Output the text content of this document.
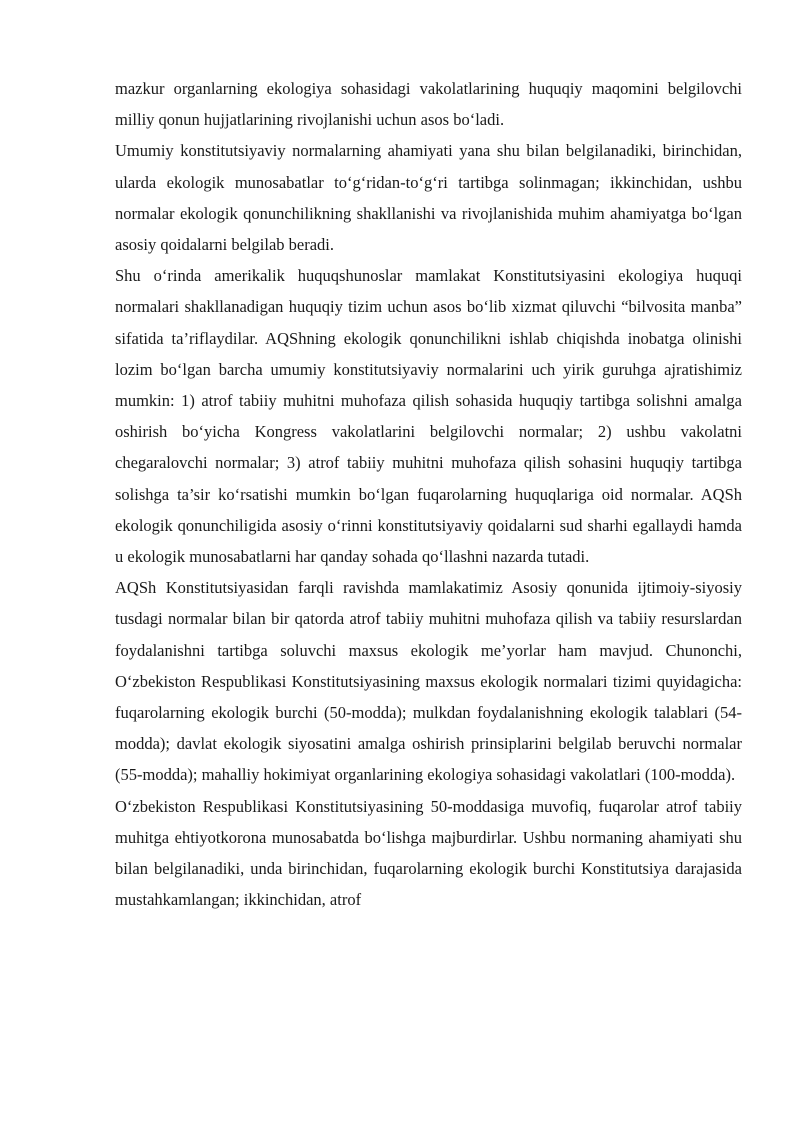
mazkur organlarning ekologiya sohasidagi vakolatlarining huquqiy maqomini belgilovchi milliy qonun hujjatlarining rivojlanishi uchun asos bo‘ladi.

Umumiy konstitutsiyaviy normalarning ahamiyati yana shu bilan belgilanadiki, birinchidan, ularda ekologik munosabatlar to‘g‘ridan-to‘g‘ri tartibga solinmagan; ikkinchidan, ushbu normalar ekologik qonunchilikning shakllanishi va rivojlanishida muhim ahamiyatga bo‘lgan asosiy qoidalarni belgilab beradi.

Shu o‘rinda amerikalik huquqshunoslar mamlakat Konstitutsiyasini ekologiya huquqi normalari shakllanadigan huquqiy tizim uchun asos bo‘lib xizmat qiluvchi “bilvosita manba” sifatida ta’riflaydilar. AQShning ekologik qonunchilikni ishlab chiqishda inobatga olinishi lozim bo‘lgan barcha umumiy konstitutsiyaviy normalarini uch yirik guruhga ajratishimiz mumkin: 1) atrof tabiiy muhitni muhofaza qilish sohasida huquqiy tartibga solishni amalga oshirish bo‘yicha Kongress vakolatlarini belgilovchi normalar; 2) ushbu vakolatni chegaralovchi normalar; 3) atrof tabiiy muhitni muhofaza qilish sohasini huquqiy tartibga solishga ta’sir ko‘rsatishi mumkin bo‘lgan fuqarolarning huquqlariga oid normalar. AQSh ekologik qonunchiligida asosiy o‘rinni konstitutsiyaviy qoidalarni sud sharhi egallaydi hamda u ekologik munosabatlarni har qanday sohada qo‘llashni nazarda tutadi.

AQSh Konstitutsiyasidan farqli ravishda mamlakatimiz Asosiy qonunida ijtimoiy-siyosiy tusdagi normalar bilan bir qatorda atrof tabiiy muhitni muhofaza qilish va tabiiy resurslardan foydalanishni tartibga soluvchi maxsus ekologik me’yorlar ham mavjud. Chunonchi, O‘zbekiston Respublikasi Konstitutsiyasining maxsus ekologik normalari tizimi quyidagicha: fuqarolarning ekologik burchi (50-modda); mulkdan foydalanishning ekologik talablari (54-modda); davlat ekologik siyosatini amalga oshirish prinsiplarini belgilab beruvchi normalar (55-modda); mahalliy hokimiyat organlarining ekologiya sohasidagi vakolatlari (100-modda).

O‘zbekiston Respublikasi Konstitutsiyasining 50-moddasiga muvofiq, fuqarolar atrof tabiiy muhitga ehtiyotkorona munosabatda bo‘lishga majburdirlar. Ushbu normaning ahamiyati shu bilan belgilanadiki, unda birinchidan, fuqarolarning ekologik burchi Konstitutsiya darajasida mustahkamlangan; ikkinchidan, atrof
